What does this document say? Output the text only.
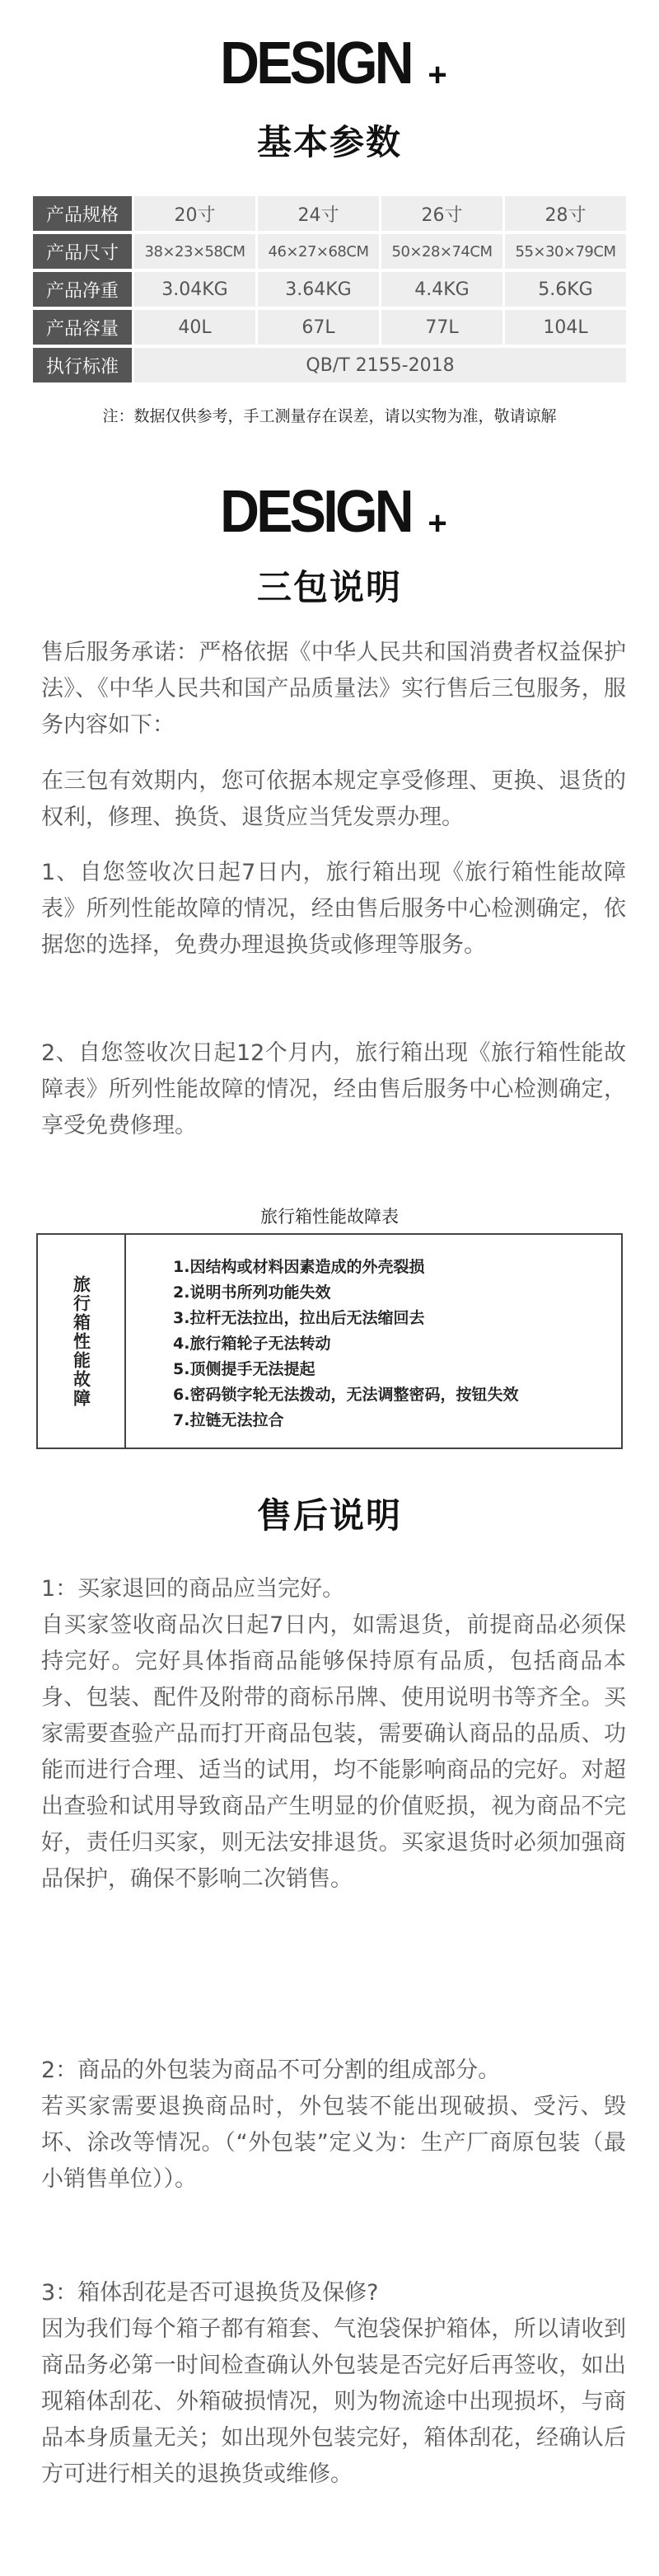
DESIGN +
基本参数
产品规格	20寸	24寸	26寸	28寸
产品尺寸	38×23×58CM	46×27×68CM	50×28×74CM	55×30×79CM
产品净重	3.04KG	3.64KG	4.4KG	5.6KG
产品容量	40L	67L	77L	104L
执行标准	QB/T 2155-2018			
注：数据仅供参考，手工测量存在误差，请以实物为准，敬请谅解
DESIGN +
三包说明

售后服务承诺：严格依据《中华人民共和国消费者权益保护法》、《中华人民共和国产品质量法》实行售后三包服务，服务内容如下：

在三包有效期内，您可依据本规定享受修理、更换、退货的权利，修理、换货、退货应当凭发票办理。

1、自您签收次日起7日内，旅行箱出现《旅行箱性能故障表》所列性能故障的情况，经由售后服务中心检测确定，依据您的选择，免费办理退换货或修理等服务。

2、自您签收次日起12个月内，旅行箱出现《旅行箱性能故障表》所列性能故障的情况，经由售后服务中心检测确定，享受免费修理。

旅行箱性能故障表
旅行箱性能故障
1.因结构或材料因素造成的外壳裂损
2.说明书所列功能失效
3.拉杆无法拉出，拉出后无法缩回去
4.旅行箱轮子无法转动
5.顶侧提手无法提起
6.密码锁字轮无法拨动，无法调整密码，按钮失效
7.拉链无法拉合
售后说明

1：买家退回的商品应当完好。

自买家签收商品次日起7日内，如需退货，前提商品必须保持完好。完好具体指商品能够保持原有品质，包括商品本身、包装、配件及附带的商标吊牌、使用说明书等齐全。买家需要查验产品而打开商品包装，需要确认商品的品质、功能而进行合理、适当的试用，均不能影响商品的完好。对超出查验和试用导致商品产生明显的价值贬损，视为商品不完好，责任归买家，则无法安排退货。买家退货时必须加强商品保护，确保不影响二次销售。

2：商品的外包装为商品不可分割的组成部分。

若买家需要退换商品时，外包装不能出现破损、受污、毁坏、涂改等情况。（“外包装”定义为：生产厂商原包装（最小销售单位））。

3：箱体刮花是否可退换货及保修?

因为我们每个箱子都有箱套、气泡袋保护箱体，所以请收到商品务必第一时间检查确认外包装是否完好后再签收，如出现箱体刮花、外箱破损情况，则为物流途中出现损坏，与商品本身质量无关；如出现外包装完好，箱体刮花，经确认后方可进行相关的退换货或维修。
